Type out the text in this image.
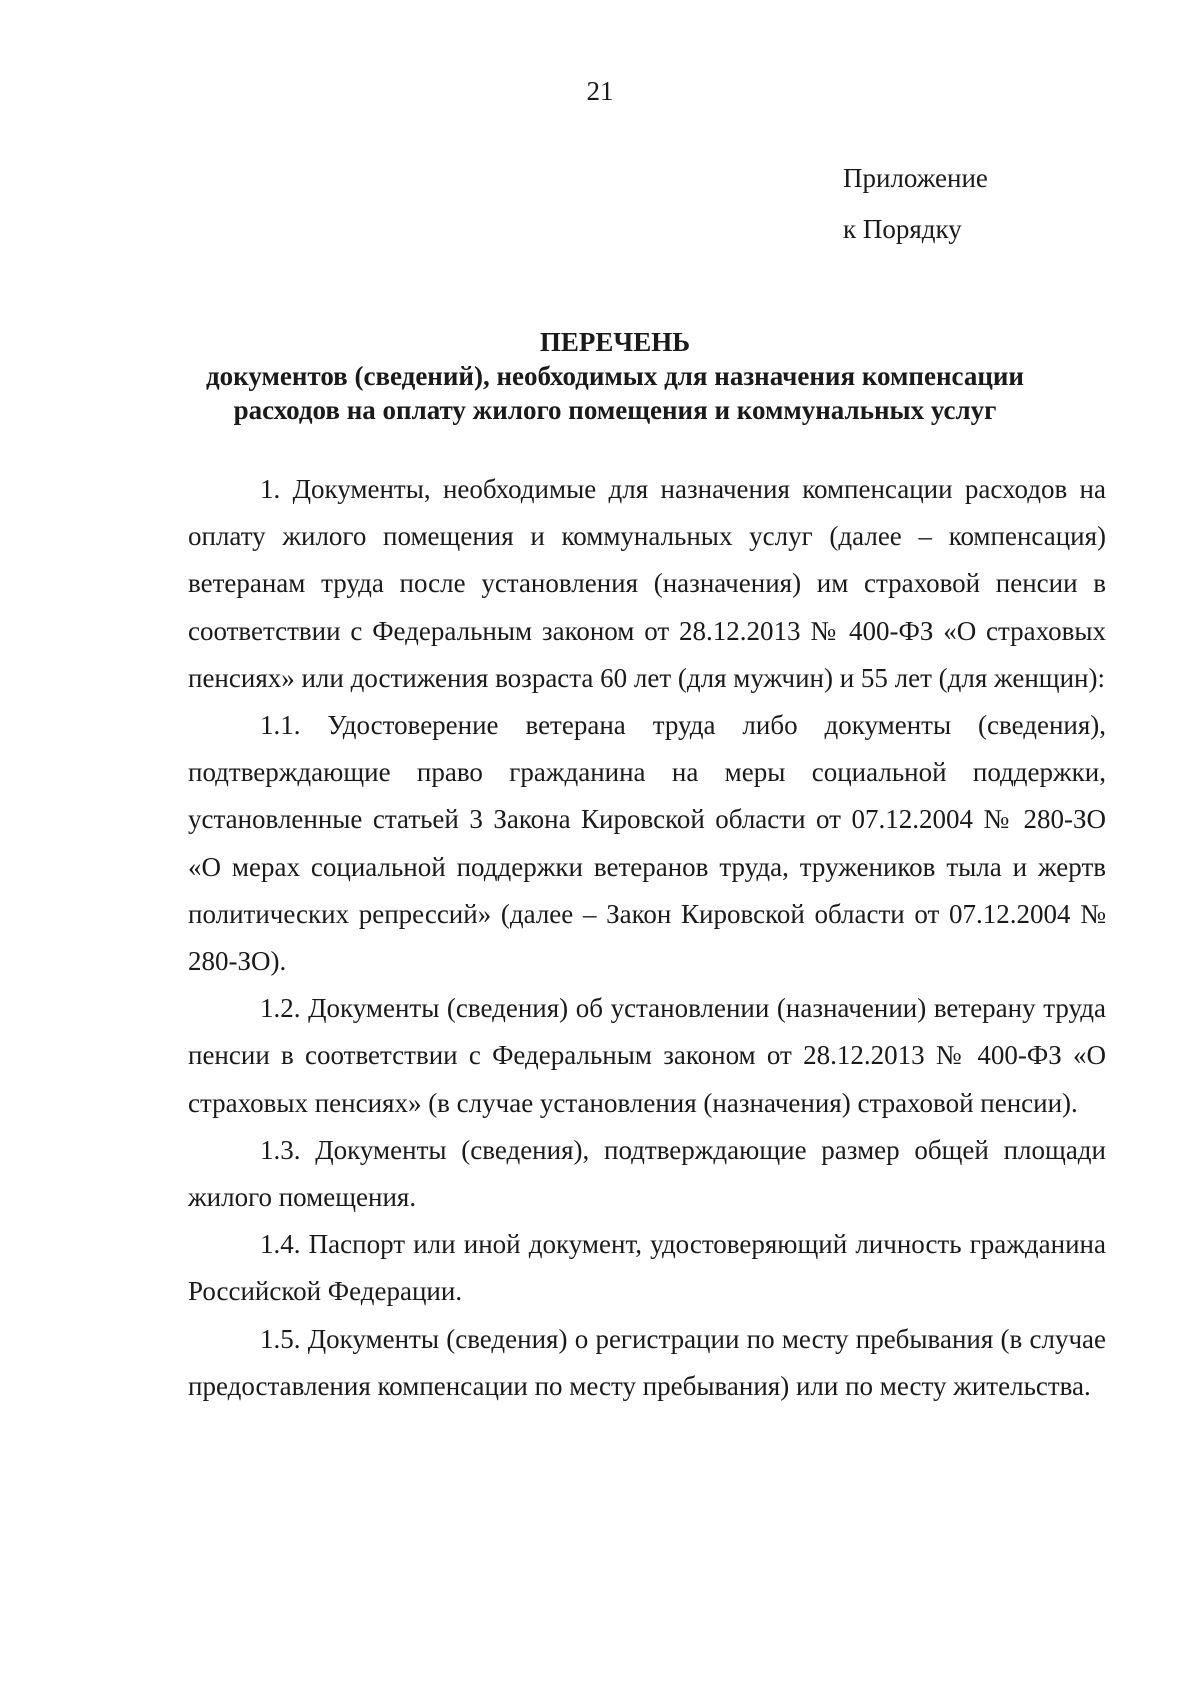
21
Приложение
к Порядку
ПЕРЕЧЕНЬ
документов (сведений), необходимых для назначения компенсации
расходов на оплату жилого помещения и коммунальных услуг

1. Документы, необходимые для назначения компенсации расходов на оплату жилого помещения и коммунальных услуг (далее – компенсация) ветеранам труда после установления (назначения) им страховой пенсии в соответствии с Федеральным законом от 28.12.2013 № 400-ФЗ «О страховых пенсиях» или достижения возраста 60 лет (для мужчин) и 55 лет (для женщин):

1.1. Удостоверение ветерана труда либо документы (сведения), подтверждающие право гражданина на меры социальной поддержки, установленные статьей 3 Закона Кировской области от 07.12.2004 № 280-ЗО «О мерах социальной поддержки ветеранов труда, тружеников тыла и жертв политических репрессий» (далее – Закон Кировской области от 07.12.2004 № 280-ЗО).

1.2. Документы (сведения) об установлении (назначении) ветерану труда пенсии в соответствии с Федеральным законом от 28.12.2013 № 400-ФЗ «О страховых пенсиях» (в случае установления (назначения) страховой пенсии).

1.3. Документы (сведения), подтверждающие размер общей площади жилого помещения.

1.4. Паспорт или иной документ, удостоверяющий личность гражданина Российской Федерации.

1.5. Документы (сведения) о регистрации по месту пребывания (в случае предоставления компенсации по месту пребывания) или по месту жительства.
